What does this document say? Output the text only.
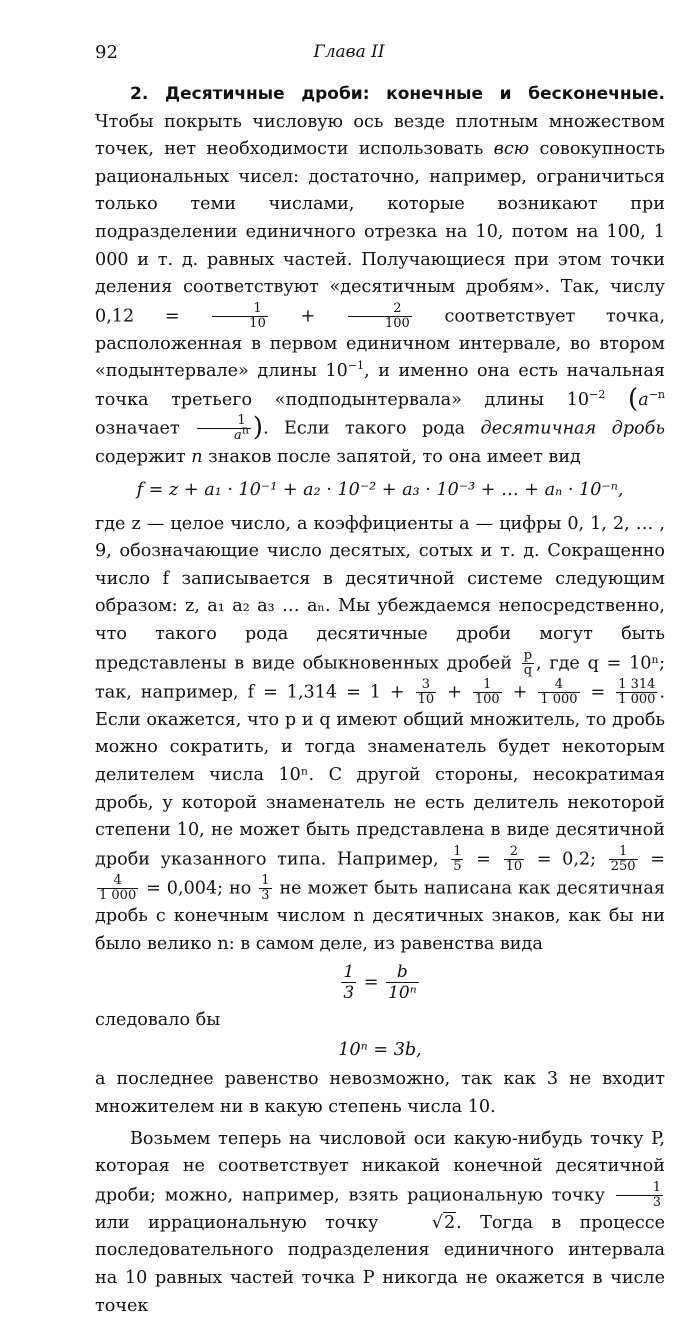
92	Глава II

2. Десятичные дроби: конечные и бесконечные. Чтобы покрыть числовую ось везде плотным множеством точек, нет необходимости использовать всю совокупность рациональных чисел: достаточно, например, ограничиться только теми числами, которые возникают при подразделении единичного отрезка на 10, потом на 100, 1 000 и т. д. равных частей. Получающиеся при этом точки деления соответствуют «десятичным дробям». Так, числу $0,12 = \frac{1}{10} + \frac{2}{100}$ соответствует точка, расположенная в первом единичном интервале, во втором «подынтервале» длины $10^{-1}$, и именно она есть начальная точка третьего «подподынтервала» длины $10^{-2}$ ($a^{-n}$ означает $\frac{1}{a^n}$ ). Если такого рода десятичная дробь содержит n знаков после запятой, то она имеет вид

f = z + a₁ · 10⁻¹ + a₂ · 10⁻² + a₃ · 10⁻³ + … + aₙ · 10⁻ⁿ,

где z — целое число, а коэффициенты a — цифры 0, 1, 2, … , 9, обозначающие число десятых, сотых и т. д. Сокращенно число f записывается в десятичной системе следующим образом: z, a₁ a₂ a₃ … aₙ. Мы убеждаемся непосредственно, что такого рода десятичные дроби могут быть представлены в виде обыкновенных дробей $\frac{p}{q}$ , где q = 10ⁿ; так, например, $f = 1,314 = 1 + \frac{3}{10} + \frac{1}{100} + \frac{4}{1 000} = \frac{1 314}{1 000}$ . Если окажется, что p и q имеют общий множитель, то дробь можно сократить, и тогда знаменатель будет некоторым делителем числа 10ⁿ. С другой стороны, несократимая дробь, у которой знаменатель не есть делитель некоторой степени 10, не может быть представлена в виде десятичной дроби указанного типа. Например, $\frac{1}{5} = \frac{2}{10} = 0,2$; $\frac{1}{250}$ =
$\frac{4}{1 000} = 0,004$; но $\frac{1}{3}$ не может быть написана как десятичная дробь с конечным числом n десятичных знаков, как бы ни было велико n: в самом деле, из равенства вида

$\frac{1}{3} = \frac{b}{\text{10ⁿ}}$

следовало бы

10ⁿ = 3b,

а последнее равенство невозможно, так как 3 не входит множителем ни в какую степень числа 10.

Возьмем теперь на числовой оси какую-нибудь точку P, которая не соответствует никакой конечной десятичной дроби; можно, например, взять рациональную точку $\frac{1}{3}$
или иррациональную точку √2. Тогда в процессе последовательного подразделения единичного интервала на 10 равных частей точка P никогда не окажется в числе точек
